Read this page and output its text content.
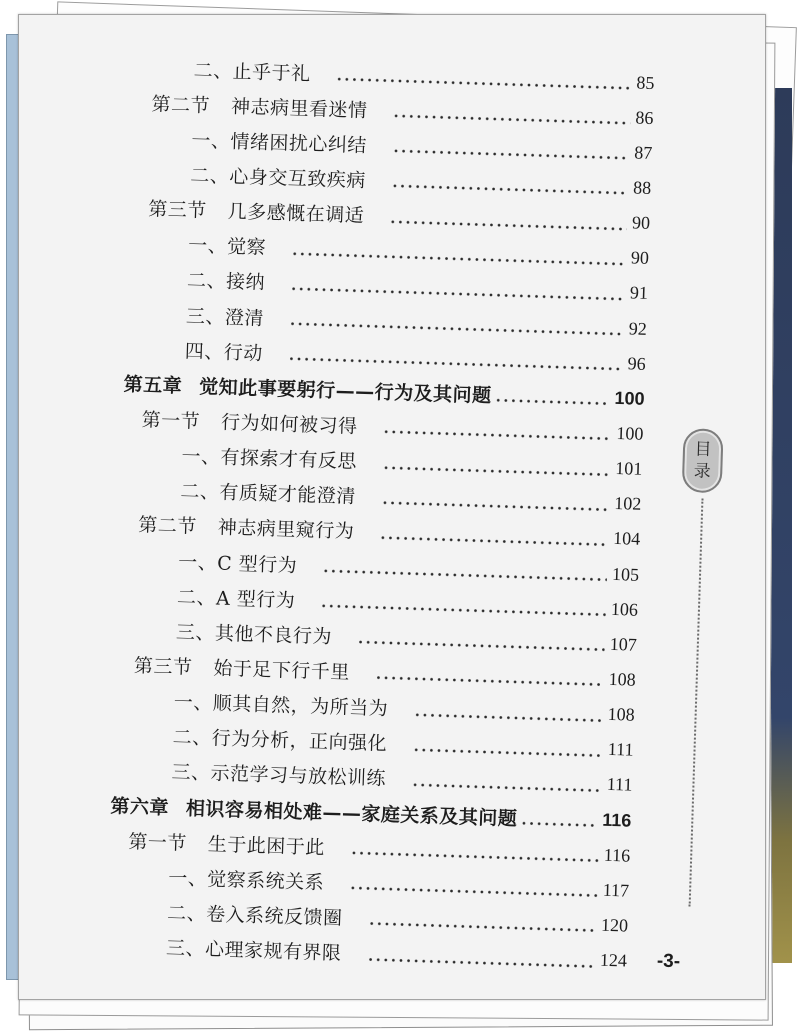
二、止乎于礼	85
第二节 神志病里看迷情	86
一、情绪困扰心纠结	87
二、心身交互致疾病	88
第三节 几多感慨在调适	90
一、觉察	90
二、接纳	91
三、澄清	92
四、行动	96
第五章 觉知此事要躬行——行为及其问题	100
第一节 行为如何被习得	100
一、有探索才有反思	101
二、有质疑才能澄清	102
第二节 神志病里窥行为	104
一、C 型行为	105
二、A 型行为	106
三、其他不良行为	107
第三节 始于足下行千里	108
一、顺其自然，为所当为	108
二、行为分析，正向强化	111
三、示范学习与放松训练	111
第六章 相识容易相处难——家庭关系及其问题	116
第一节 生于此困于此	116
一、觉察系统关系	117
二、卷入系统反馈圈	120
三、心理家规有界限	124
目
录
-3-
